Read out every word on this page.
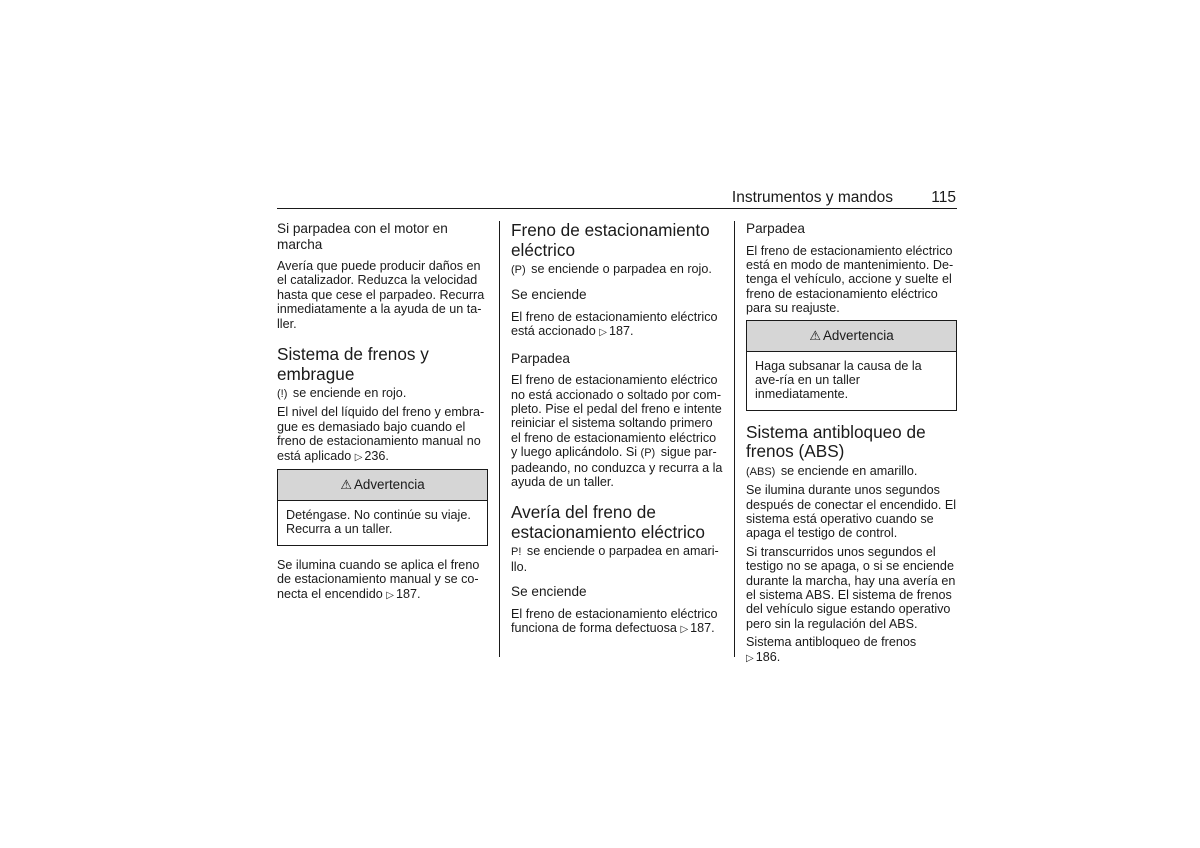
Instrumentos y mandos 115
Si parpadea con el motor en marcha

Avería que puede producir daños en el catalizador. Reduzca la velocidad hasta que cese el parpadeo. Recurra inmediatamente a la ayuda de un ta-ller.

Sistema de frenos y embrague

(!) se enciende en rojo.

El nivel del líquido del freno y embra-gue es demasiado bajo cuando el freno de estacionamiento manual no está aplicado ▷ 236.

⚠ Advertencia
Deténgase. No continúe su viaje. Recurra a un taller.

Se ilumina cuando se aplica el freno de estacionamiento manual y se co-necta el encendido ▷ 187.

Freno de estacionamiento eléctrico

(P) se enciende o parpadea en rojo.

Se enciende

El freno de estacionamiento eléctrico está accionado ▷ 187.

Parpadea

El freno de estacionamiento eléctrico no está accionado o soltado por com-pleto. Pise el pedal del freno e intente reiniciar el sistema soltando primero el freno de estacionamiento eléctrico y luego aplicándolo. Si (P) sigue par-padeando, no conduzca y recurra a la ayuda de un taller.

Avería del freno de estacionamiento eléctrico

P! se enciende o parpadea en amari-llo.

Se enciende

El freno de estacionamiento eléctrico funciona de forma defectuosa ▷ 187.

Parpadea

El freno de estacionamiento eléctrico está en modo de mantenimiento. De-tenga el vehículo, accione y suelte el freno de estacionamiento eléctrico para su reajuste.

⚠ Advertencia
Haga subsanar la causa de la ave-ría en un taller inmediatamente.
Sistema antibloqueo de frenos (ABS)

(ABS) se enciende en amarillo.

Se ilumina durante unos segundos después de conectar el encendido. El sistema está operativo cuando se apaga el testigo de control.

Si transcurridos unos segundos el testigo no se apaga, o si se enciende durante la marcha, hay una avería en el sistema ABS. El sistema de frenos del vehículo sigue estando operativo pero sin la regulación del ABS.

Sistema antibloqueo de frenos
▷ 186.
